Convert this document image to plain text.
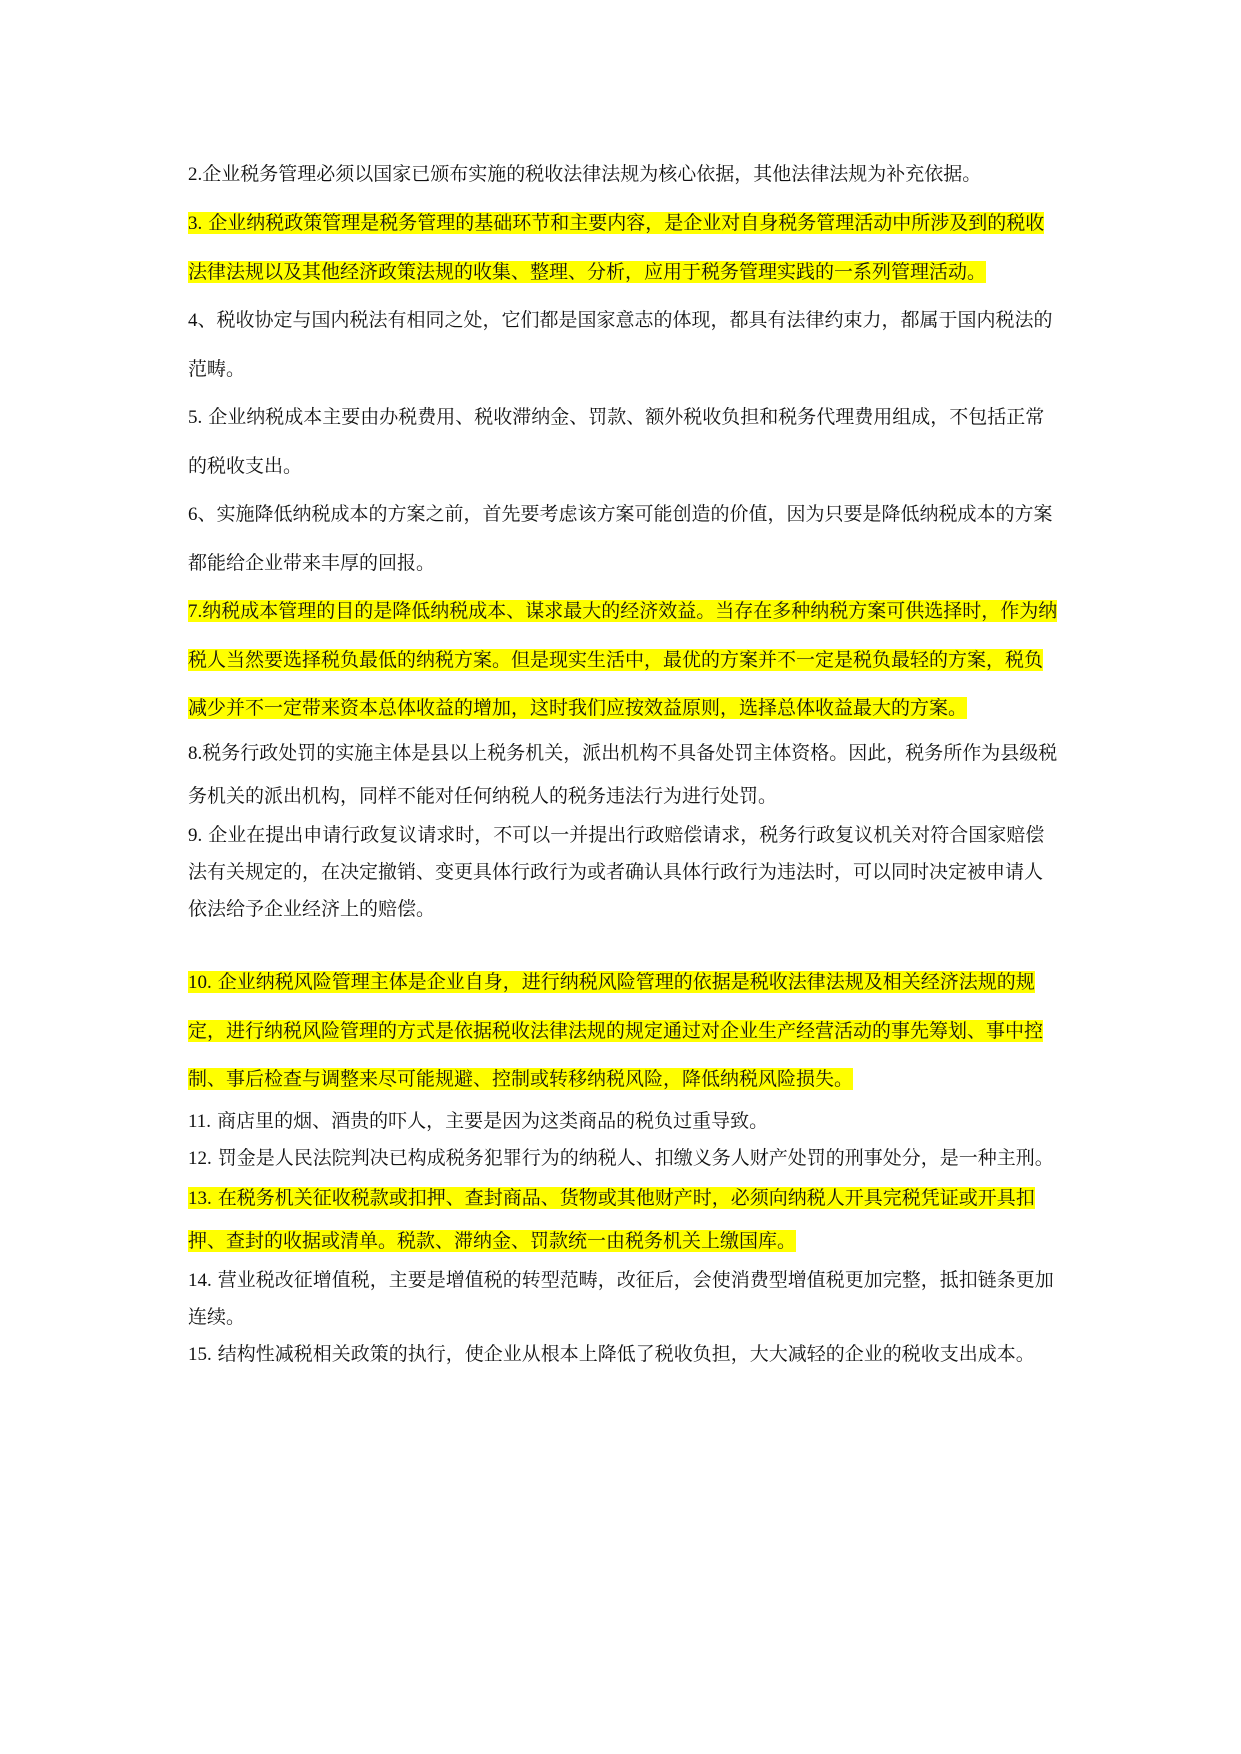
2.企业税务管理必须以国家已颁布实施的税收法律法规为核心依据，其他法律法规为补充依据。

3. 企业纳税政策管理是税务管理的基础环节和主要内容，是企业对自身税务管理活动中所涉及到的税收法律法规以及其他经济政策法规的收集、整理、分析，应用于税务管理实践的一系列管理活动。

4、税收协定与国内税法有相同之处，它们都是国家意志的体现，都具有法律约束力，都属于国内税法的范畴。

5. 企业纳税成本主要由办税费用、税收滞纳金、罚款、额外税收负担和税务代理费用组成，不包括正常的税收支出。

6、实施降低纳税成本的方案之前，首先要考虑该方案可能创造的价值，因为只要是降低纳税成本的方案都能给企业带来丰厚的回报。

7.纳税成本管理的目的是降低纳税成本、谋求最大的经济效益。当存在多种纳税方案可供选择时，作为纳税人当然要选择税负最低的纳税方案。但是现实生活中，最优的方案并不一定是税负最轻的方案，税负减少并不一定带来资本总体收益的增加，这时我们应按效益原则，选择总体收益最大的方案。

8.税务行政处罚的实施主体是县以上税务机关，派出机构不具备处罚主体资格。因此，税务所作为县级税务机关的派出机构，同样不能对任何纳税人的税务违法行为进行处罚。

9. 企业在提出申请行政复议请求时，不可以一并提出行政赔偿请求，税务行政复议机关对符合国家赔偿法有关规定的，在决定撤销、变更具体行政行为或者确认具体行政行为违法时，可以同时决定被申请人依法给予企业经济上的赔偿。

10. 企业纳税风险管理主体是企业自身，进行纳税风险管理的依据是税收法律法规及相关经济法规的规定，进行纳税风险管理的方式是依据税收法律法规的规定通过对企业生产经营活动的事先筹划、事中控制、事后检查与调整来尽可能规避、控制或转移纳税风险，降低纳税风险损失。

11. 商店里的烟、酒贵的吓人，主要是因为这类商品的税负过重导致。

12. 罚金是人民法院判决已构成税务犯罪行为的纳税人、扣缴义务人财产处罚的刑事处分，是一种主刑。

13. 在税务机关征收税款或扣押、查封商品、货物或其他财产时，必须向纳税人开具完税凭证或开具扣押、查封的收据或清单。税款、滞纳金、罚款统一由税务机关上缴国库。

14. 营业税改征增值税，主要是增值税的转型范畴，改征后，会使消费型增值税更加完整，抵扣链条更加连续。

15. 结构性减税相关政策的执行，使企业从根本上降低了税收负担，大大减轻的企业的税收支出成本。
